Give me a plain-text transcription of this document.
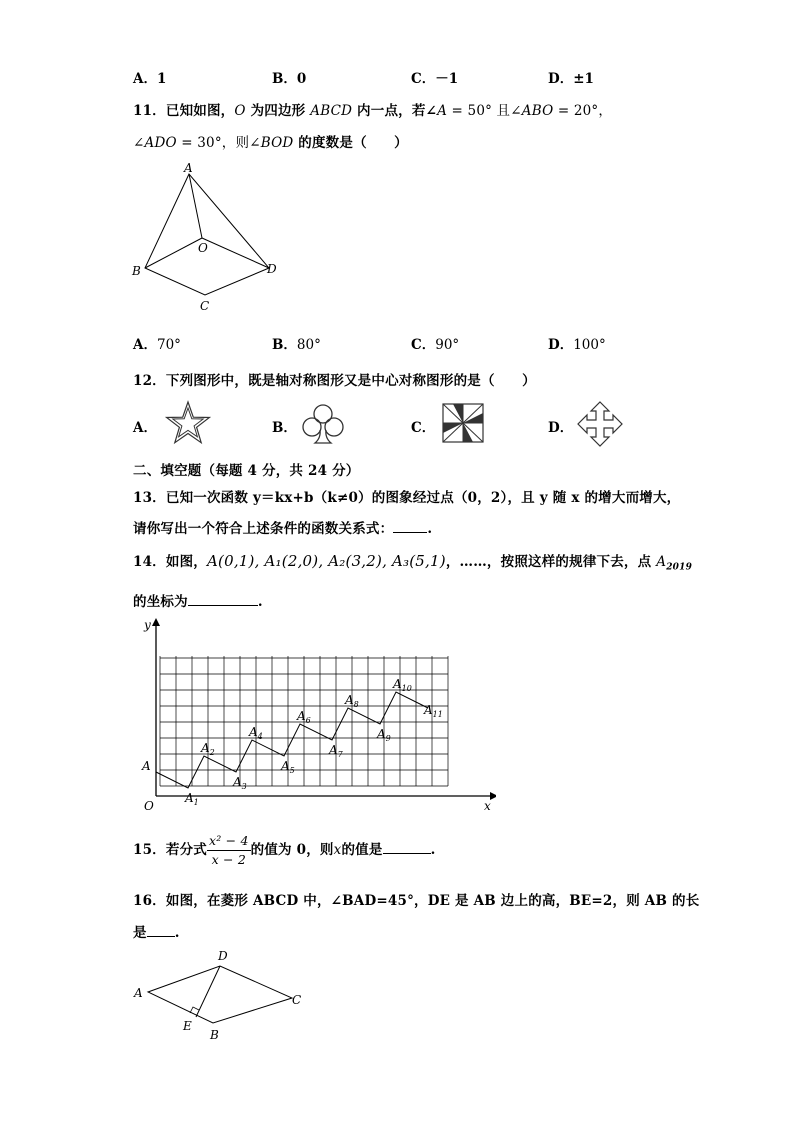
A．1	B．0	C．－1	D．±1
11．已知如图，O 为四边形 ABCD 内一点，若∠A = 50° 且∠ABO = 20°，
∠ADO = 30°，则∠BOD 的度数是（　　）
A
O
B	D
C
A．70°	B．80°	C．90°	D．100°
12．下列图形中，既是轴对称图形又是中心对称图形的是（　　）
A．	B．	C．	D．
二、填空题（每题 4 分，共 24 分）
13．已知一次函数 y＝kx+b（k≠0）的图象经过点（0，2），且 y 随 x 的增大而增大，
请你写出一个符合上述条件的函数关系式：	.
14．如图，A(0,1), A₁(2,0), A₂(3,2), A₃(5,1)，……，按照这样的规律下去，点 $A_{2019}$
的坐标为	.
y
x
O
A
$A_1$
$A_2$
$A_3$
$A_4$
$A_5$
$A_6$
$A_7$
$A_8$
$A_9$
$A_{10}$
$A_{11}$
15．若分式 $\frac{\text{x² − 4}}{x - 2}$ 的值为 0，则x的值是	.
16．如图，在菱形 ABCD 中，∠BAD=45°，DE 是 AB 边上的高，BE=2，则 AB 的长
是 .
D
A	C
E
B
